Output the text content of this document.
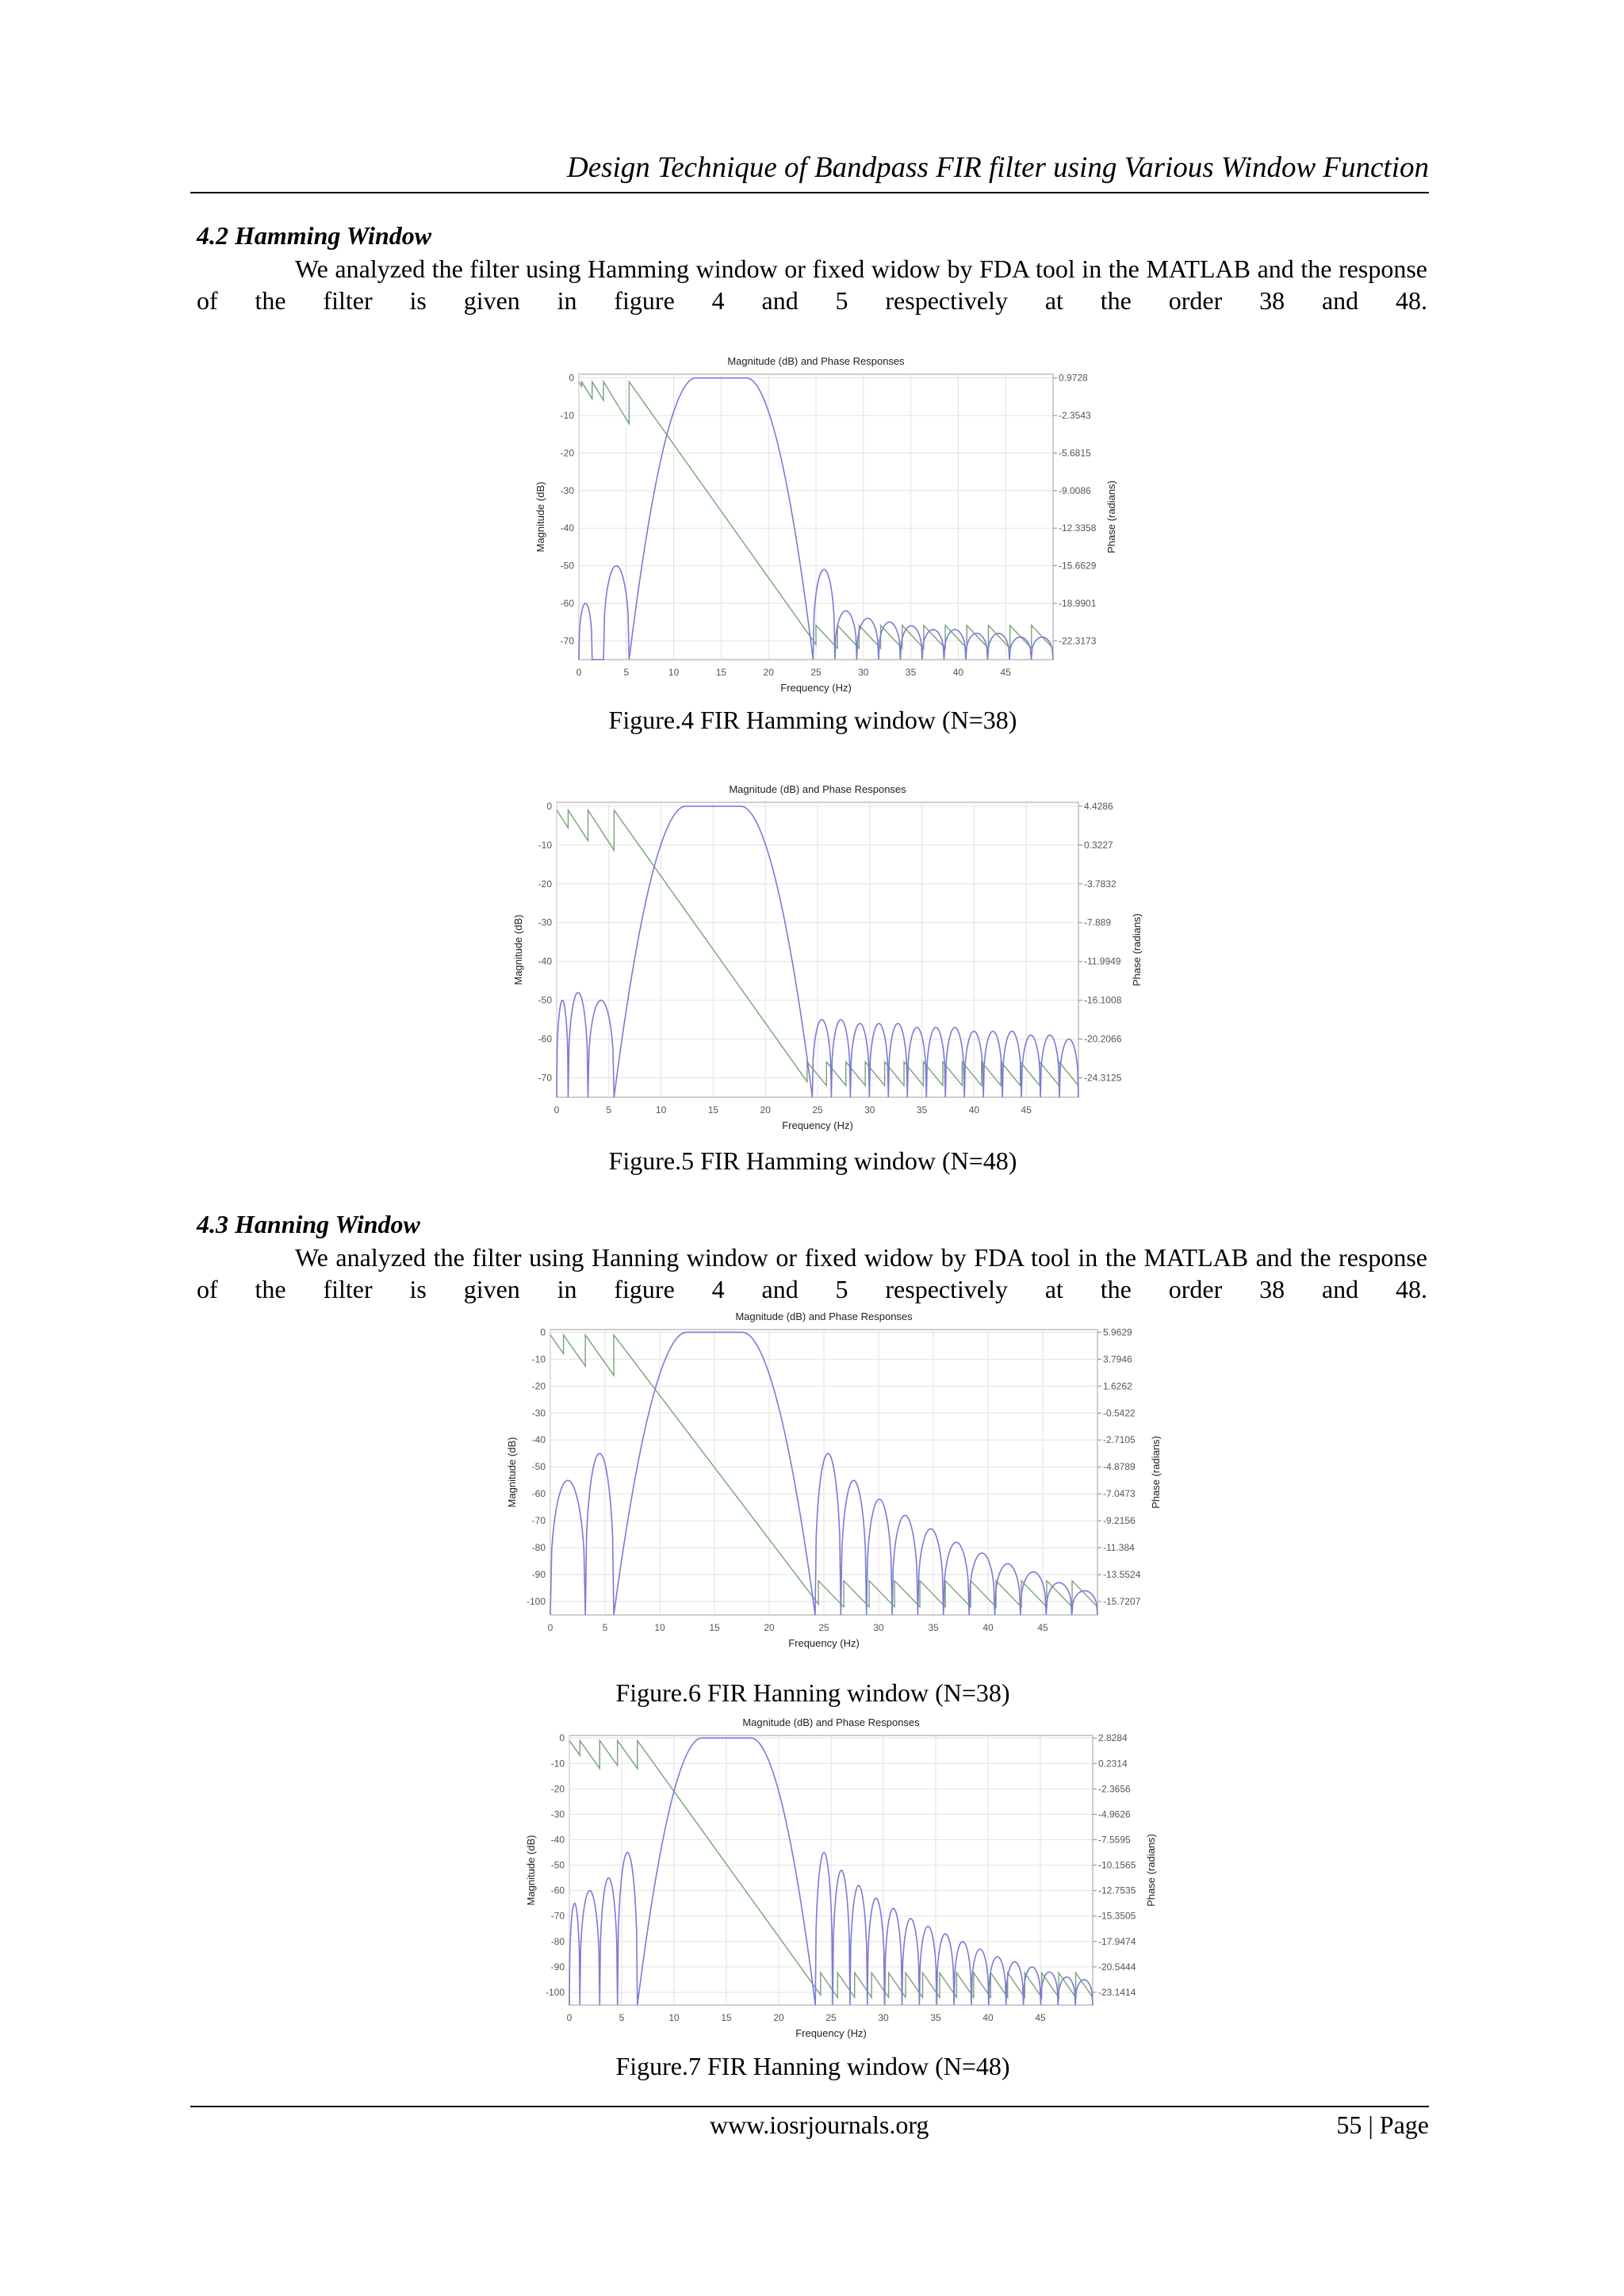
Design Technique of Bandpass FIR filter using Various Window Function
4.2 Hamming Window
We analyzed the filter using Hamming window or fixed widow by FDA tool in the MATLAB and the response of the filter is given in figure 4 and 5 respectively at the order 38 and 48.
Magnitude (dB) and Phase Responses
0	0.9728
-10	-2.3543
-20	-5.6815
-30	-9.0086
-40	-12.3358
-50	-15.6629
-60	-18.9901
-70	-22.3173
0	5	10	15	20	25	30	35	40	45
Frequency (Hz)
Magnitude (dB)	Phase (radians)
Figure.4 FIR Hamming window (N=38)
Magnitude (dB) and Phase Responses
0	4.4286
-10	0.3227
-20	-3.7832
-30	-7.889
-40	-11.9949
-50	-16.1008
-60	-20.2066
-70	-24.3125
0	5	10	15	20	25	30	35	40	45
Frequency (Hz)
Magnitude (dB)	Phase (radians)
Figure.5 FIR Hamming window (N=48)
4.3 Hanning Window
We analyzed the filter using Hanning window or fixed widow by FDA tool in the MATLAB and the response of the filter is given in figure 4 and 5 respectively at the order 38 and 48.
Magnitude (dB) and Phase Responses
0	5.9629
-10	3.7946
-20	1.6262
-30	-0.5422
-40	-2.7105
-50	-4.8789
-60	-7.0473
-70	-9.2156
-80	-11.384
-90	-13.5524
-100	-15.7207
0	5	10	15	20	25	30	35	40	45
Frequency (Hz)
Magnitude (dB)	Phase (radians)
Figure.6 FIR Hanning window (N=38)
Magnitude (dB) and Phase Responses
0	2.8284
-10	0.2314
-20	-2.3656
-30	-4.9626
-40	-7.5595
-50	-10.1565
-60	-12.7535
-70	-15.3505
-80	-17.9474
-90	-20.5444
-100	-23.1414
0	5	10	15	20	25	30	35	40	45
Frequency (Hz)
Magnitude (dB)	Phase (radians)
Figure.7 FIR Hanning window (N=48)
www.iosrjournals.org	55 | Page
